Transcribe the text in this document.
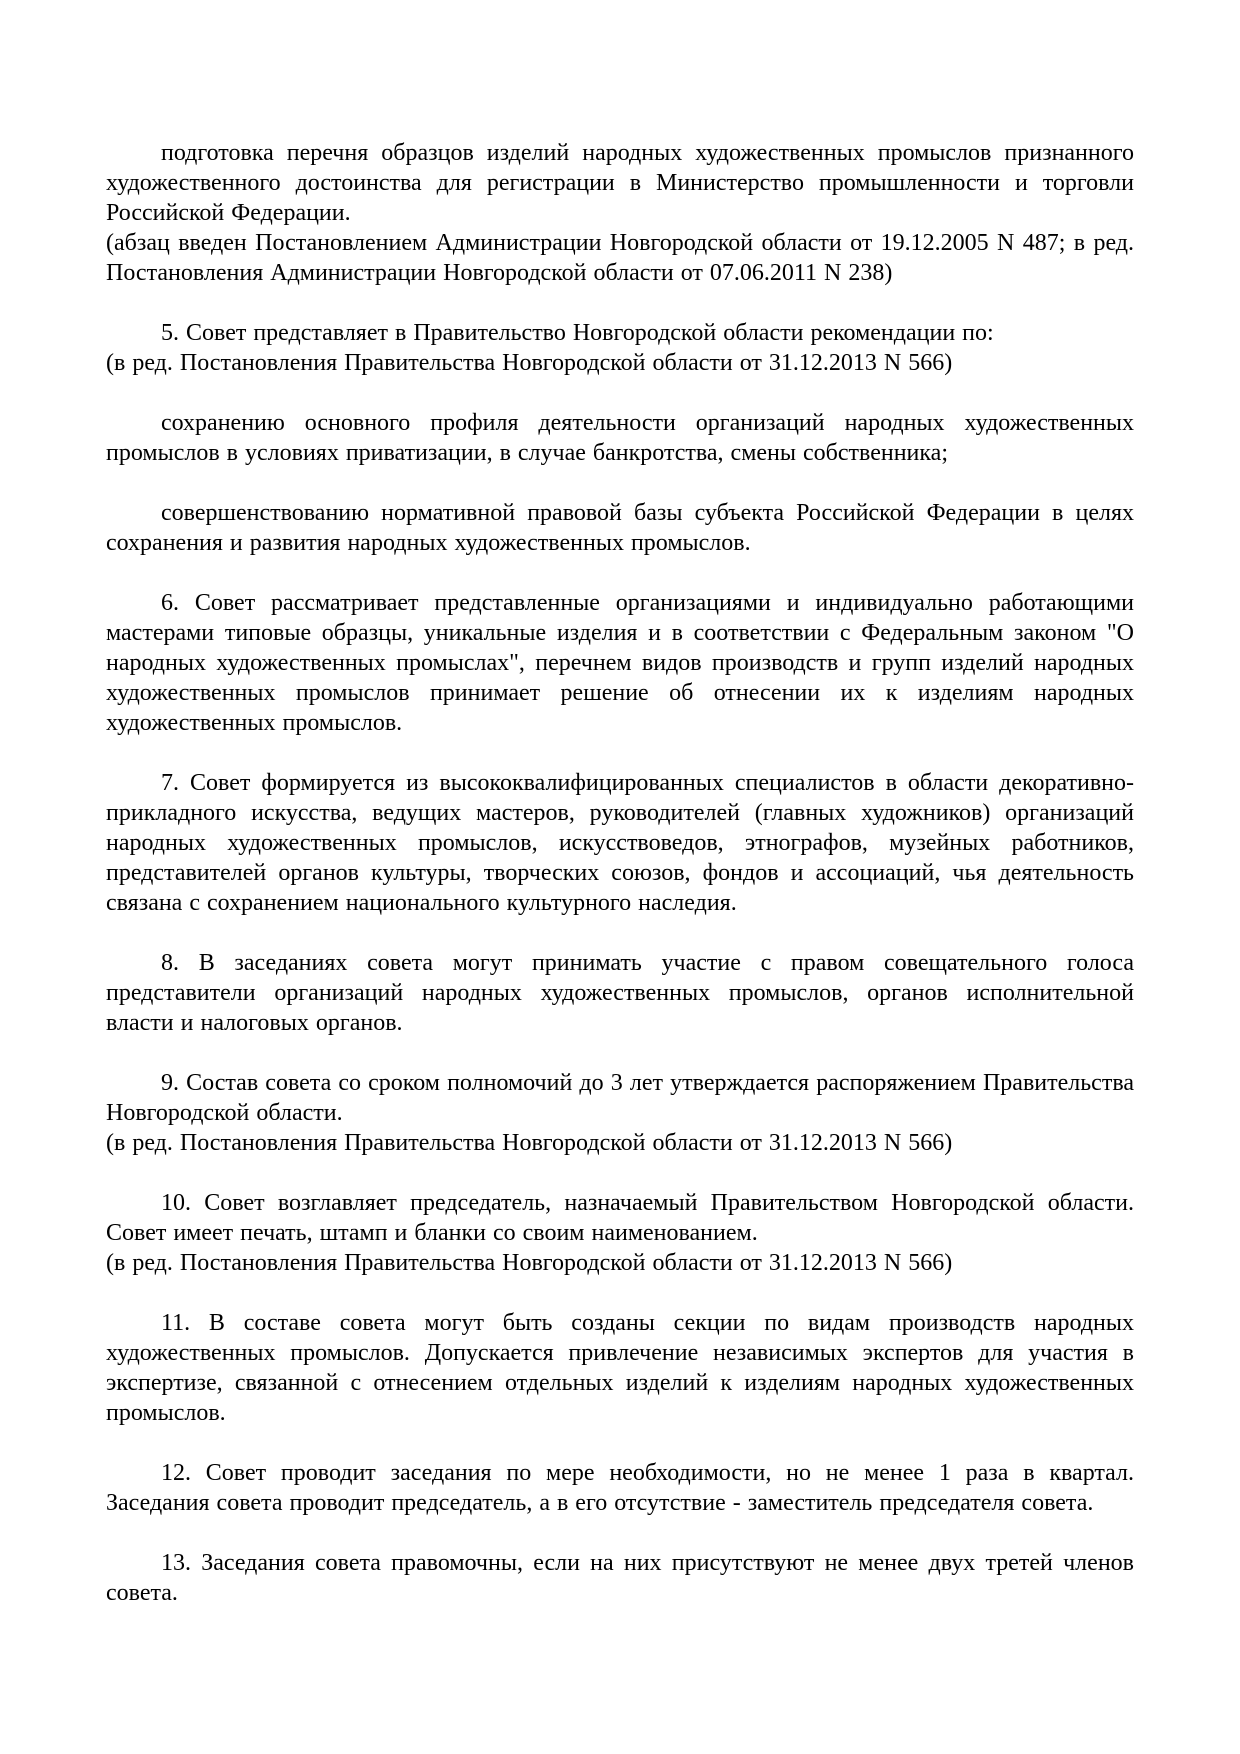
подготовка перечня образцов изделий народных художественных промыслов признанного художественного достоинства для регистрации в Министерство промышленности и торговли Российской Федерации.

(абзац введен Постановлением Администрации Новгородской области от 19.12.2005 N 487; в ред. Постановления Администрации Новгородской области от 07.06.2011 N 238)

5. Совет представляет в Правительство Новгородской области рекомендации по:

(в ред. Постановления Правительства Новгородской области от 31.12.2013 N 566)

сохранению основного профиля деятельности организаций народных художественных промыслов в условиях приватизации, в случае банкротства, смены собственника;

совершенствованию нормативной правовой базы субъекта Российской Федерации в целях сохранения и развития народных художественных промыслов.

6. Совет рассматривает представленные организациями и индивидуально работающими мастерами типовые образцы, уникальные изделия и в соответствии с Федеральным законом "О народных художественных промыслах", перечнем видов производств и групп изделий народных художественных промыслов принимает решение об отнесении их к изделиям народных художественных промыслов.

7. Совет формируется из высококвалифицированных специалистов в области декоративно-прикладного искусства, ведущих мастеров, руководителей (главных художников) организаций народных художественных промыслов, искусствоведов, этнографов, музейных работников, представителей органов культуры, творческих союзов, фондов и ассоциаций, чья деятельность связана с сохранением национального культурного наследия.

8. В заседаниях совета могут принимать участие с правом совещательного голоса представители организаций народных художественных промыслов, органов исполнительной власти и налоговых органов.

9. Состав совета со сроком полномочий до 3 лет утверждается распоряжением Правительства Новгородской области.

(в ред. Постановления Правительства Новгородской области от 31.12.2013 N 566)

10. Совет возглавляет председатель, назначаемый Правительством Новгородской области. Совет имеет печать, штамп и бланки со своим наименованием.

(в ред. Постановления Правительства Новгородской области от 31.12.2013 N 566)

11. В составе совета могут быть созданы секции по видам производств народных художественных промыслов. Допускается привлечение независимых экспертов для участия в экспертизе, связанной с отнесением отдельных изделий к изделиям народных художественных промыслов.

12. Совет проводит заседания по мере необходимости, но не менее 1 раза в квартал. Заседания совета проводит председатель, а в его отсутствие - заместитель председателя совета.

13. Заседания совета правомочны, если на них присутствуют не менее двух третей членов совета.
